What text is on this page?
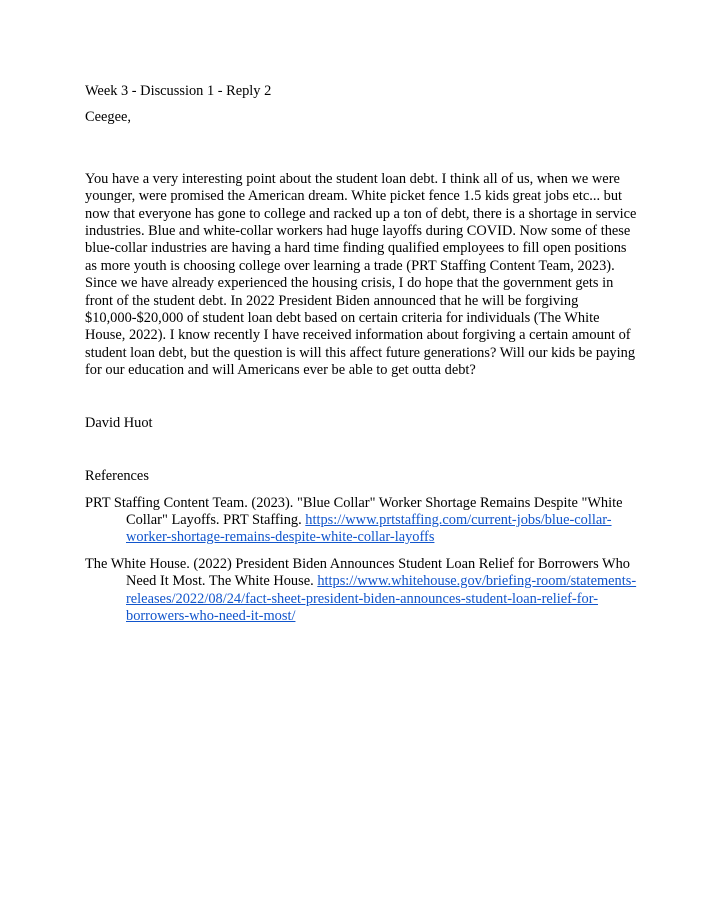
Week 3 - Discussion 1 - Reply 2

Ceegee,

You have a very interesting point about the student loan debt. I think all of us, when we were younger, were promised the American dream. White picket fence 1.5 kids great jobs etc... but now that everyone has gone to college and racked up a ton of debt, there is a shortage in service industries. Blue and white-collar workers had huge layoffs during COVID. Now some of these blue-collar industries are having a hard time finding qualified employees to fill open positions as more youth is choosing college over learning a trade (PRT Staffing Content Team, 2023). Since we have already experienced the housing crisis, I do hope that the government gets in front of the student debt. In 2022 President Biden announced that he will be forgiving $10,000-$20,000 of student loan debt based on certain criteria for individuals (The White House, 2022). I know recently I have received information about forgiving a certain amount of student loan debt, but the question is will this affect future generations? Will our kids be paying for our education and will Americans ever be able to get outta debt?

David Huot

References

PRT Staffing Content Team. (2023). "Blue Collar" Worker Shortage Remains Despite "White Collar" Layoffs. PRT Staffing. https://www.prtstaffing.com/current-jobs/blue-collar-worker-shortage-remains-despite-white-collar-layoffs

The White House. (2022) President Biden Announces Student Loan Relief for Borrowers Who Need It Most. The White House. https://www.whitehouse.gov/briefing-room/statements-releases/2022/08/24/fact-sheet-president-biden-announces-student-loan-relief-for-borrowers-who-need-it-most/
